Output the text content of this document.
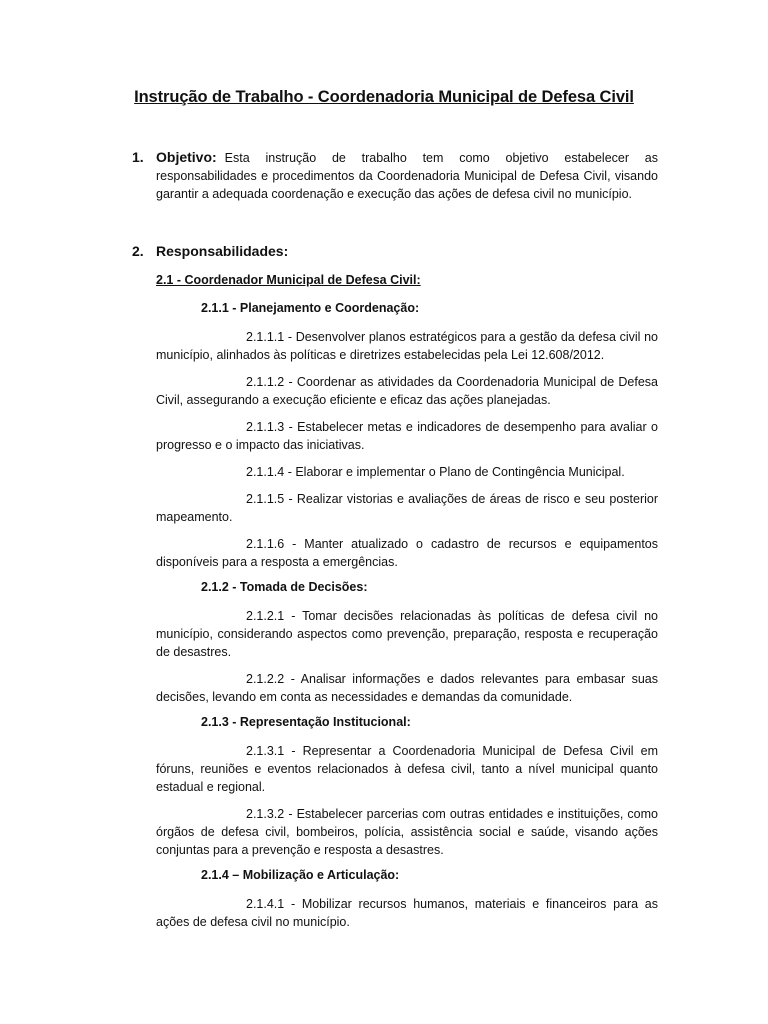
Instrução de Trabalho - Coordenadoria Municipal de Defesa Civil
1. Objetivo: Esta instrução de trabalho tem como objetivo estabelecer as responsabilidades e procedimentos da Coordenadoria Municipal de Defesa Civil, visando garantir a adequada coordenação e execução das ações de defesa civil no município.
2. Responsabilidades:
2.1 - Coordenador Municipal de Defesa Civil:
2.1.1 - Planejamento e Coordenação:
2.1.1.1 - Desenvolver planos estratégicos para a gestão da defesa civil no município, alinhados às políticas e diretrizes estabelecidas pela Lei 12.608/2012.
2.1.1.2 - Coordenar as atividades da Coordenadoria Municipal de Defesa Civil, assegurando a execução eficiente e eficaz das ações planejadas.
2.1.1.3 - Estabelecer metas e indicadores de desempenho para avaliar o progresso e o impacto das iniciativas.
2.1.1.4 - Elaborar e implementar o Plano de Contingência Municipal.
2.1.1.5 - Realizar vistorias e avaliações de áreas de risco e seu posterior mapeamento.
2.1.1.6 - Manter atualizado o cadastro de recursos e equipamentos disponíveis para a resposta a emergências.
2.1.2 - Tomada de Decisões:
2.1.2.1 - Tomar decisões relacionadas às políticas de defesa civil no município, considerando aspectos como prevenção, preparação, resposta e recuperação de desastres.
2.1.2.2 - Analisar informações e dados relevantes para embasar suas decisões, levando em conta as necessidades e demandas da comunidade.
2.1.3 - Representação Institucional:
2.1.3.1 - Representar a Coordenadoria Municipal de Defesa Civil em fóruns, reuniões e eventos relacionados à defesa civil, tanto a nível municipal quanto estadual e regional.
2.1.3.2 - Estabelecer parcerias com outras entidades e instituições, como órgãos de defesa civil, bombeiros, polícia, assistência social e saúde, visando ações conjuntas para a prevenção e resposta a desastres.
2.1.4 – Mobilização e Articulação:
2.1.4.1 - Mobilizar recursos humanos, materiais e financeiros para as ações de defesa civil no município.
